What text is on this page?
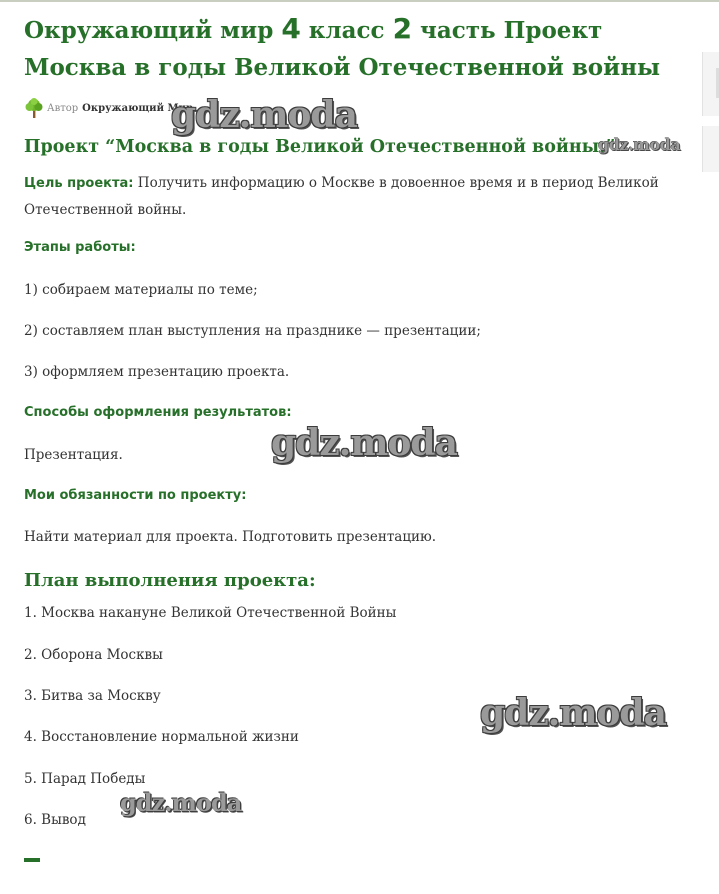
Окружающий мир 4 класс 2 часть Проект Москва в годы Великой Отечественной войны
Автор Окружающий Мир
Проект “Москва в годы Великой Отечественной войны.”

Цель проекта: Получить информацию о Москве в довоенное время и в период Великой Отечественной войны.

Этапы работы:

1) собираем материалы по теме;

2) составляем план выступления на празднике — презентации;

3) оформляем презентацию проекта.

Способы оформления результатов:

Презентация.

Мои обязанности по проекту:

Найти материал для проекта. Подготовить презентацию.

План выполнения проекта:

1. Москва накануне Великой Отечественной Войны

2. Оборона Москвы

3. Битва за Москву

4. Восстановление нормальной жизни

5. Парад Победы

6. Вывод

gdz.moda
gdz.moda
gdz.moda
gdz.moda
gdz.moda
